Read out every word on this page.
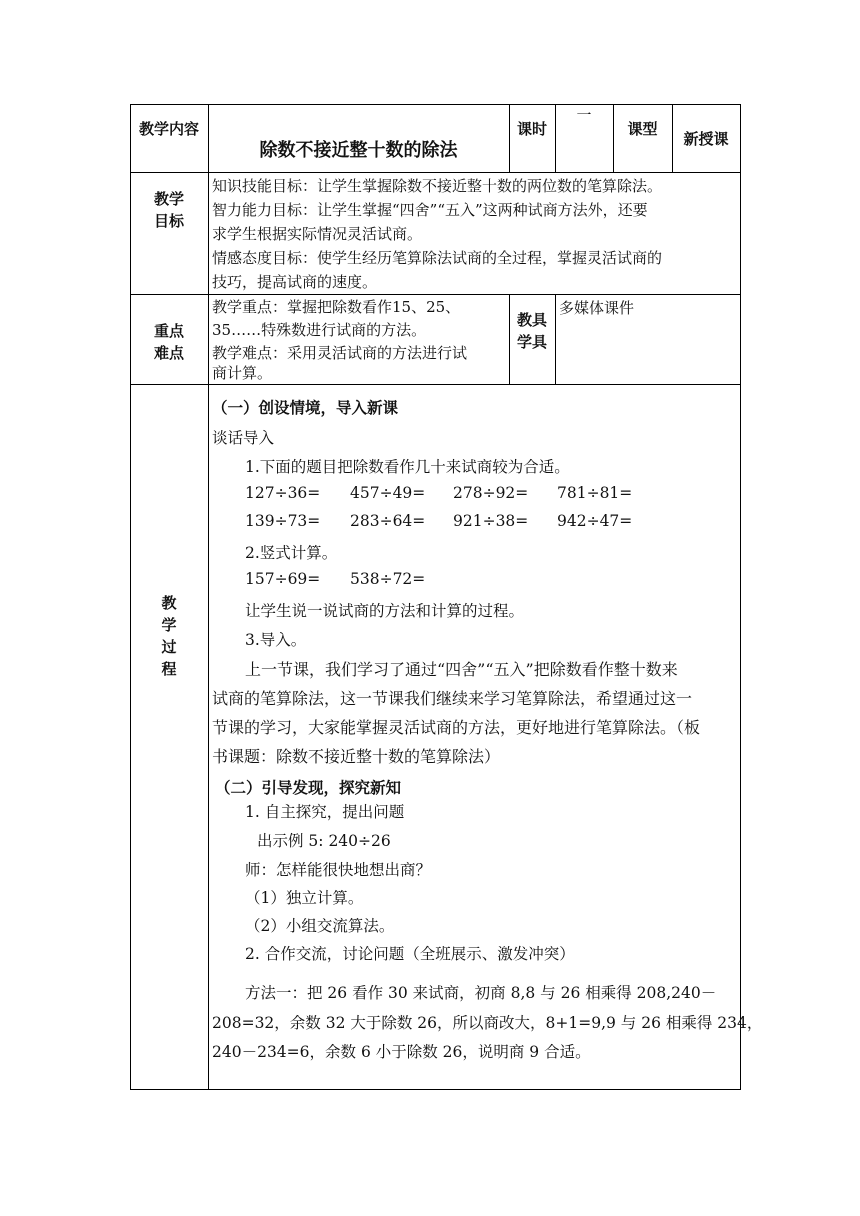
教学内容
除数不接近整十数的除法
课时
一
课型
新授课
教学
目标
知识技能目标：让学生掌握除数不接近整十数的两位数的笔算除法。
智力能力目标：让学生掌握“四舍”“五入”这两种试商方法外，还要
求学生根据实际情况灵活试商。
情感态度目标：使学生经历笔算除法试商的全过程，掌握灵活试商的
技巧，提高试商的速度。
重点
难点
教学重点：掌握把除数看作15、25、
35……特殊数进行试商的方法。
教学难点：采用灵活试商的方法进行试
商计算。
教具
学具
多媒体课件
教
学
过
程
（一）创设情境，导入新课
谈话导入
1.下面的题目把除数看作几十来试商较为合适。
127÷36= 457÷49= 278÷92= 781÷81=
139÷73= 283÷64= 921÷38= 942÷47=
2.竖式计算。
157÷69= 538÷72=
让学生说一说试商的方法和计算的过程。
3.导入。
上一节课，我们学习了通过“四舍”“五入”把除数看作整十数来
试商的笔算除法，这一节课我们继续来学习笔算除法，希望通过这一
节课的学习，大家能掌握灵活试商的方法，更好地进行笔算除法。（板
书课题：除数不接近整十数的笔算除法）
（二）引导发现，探究新知
1. 自主探究，提出问题
出示例 5: 240÷26
师：怎样能很快地想出商？
（1）独立计算。
（2）小组交流算法。
2. 合作交流，讨论问题（全班展示、激发冲突）
方法一：把 26 看作 30 来试商，初商 8,8 与 26 相乘得 208,240－
208=32，余数 32 大于除数 26，所以商改大，8+1=9,9 与 26 相乘得 234，
240－234=6，余数 6 小于除数 26，说明商 9 合适。
